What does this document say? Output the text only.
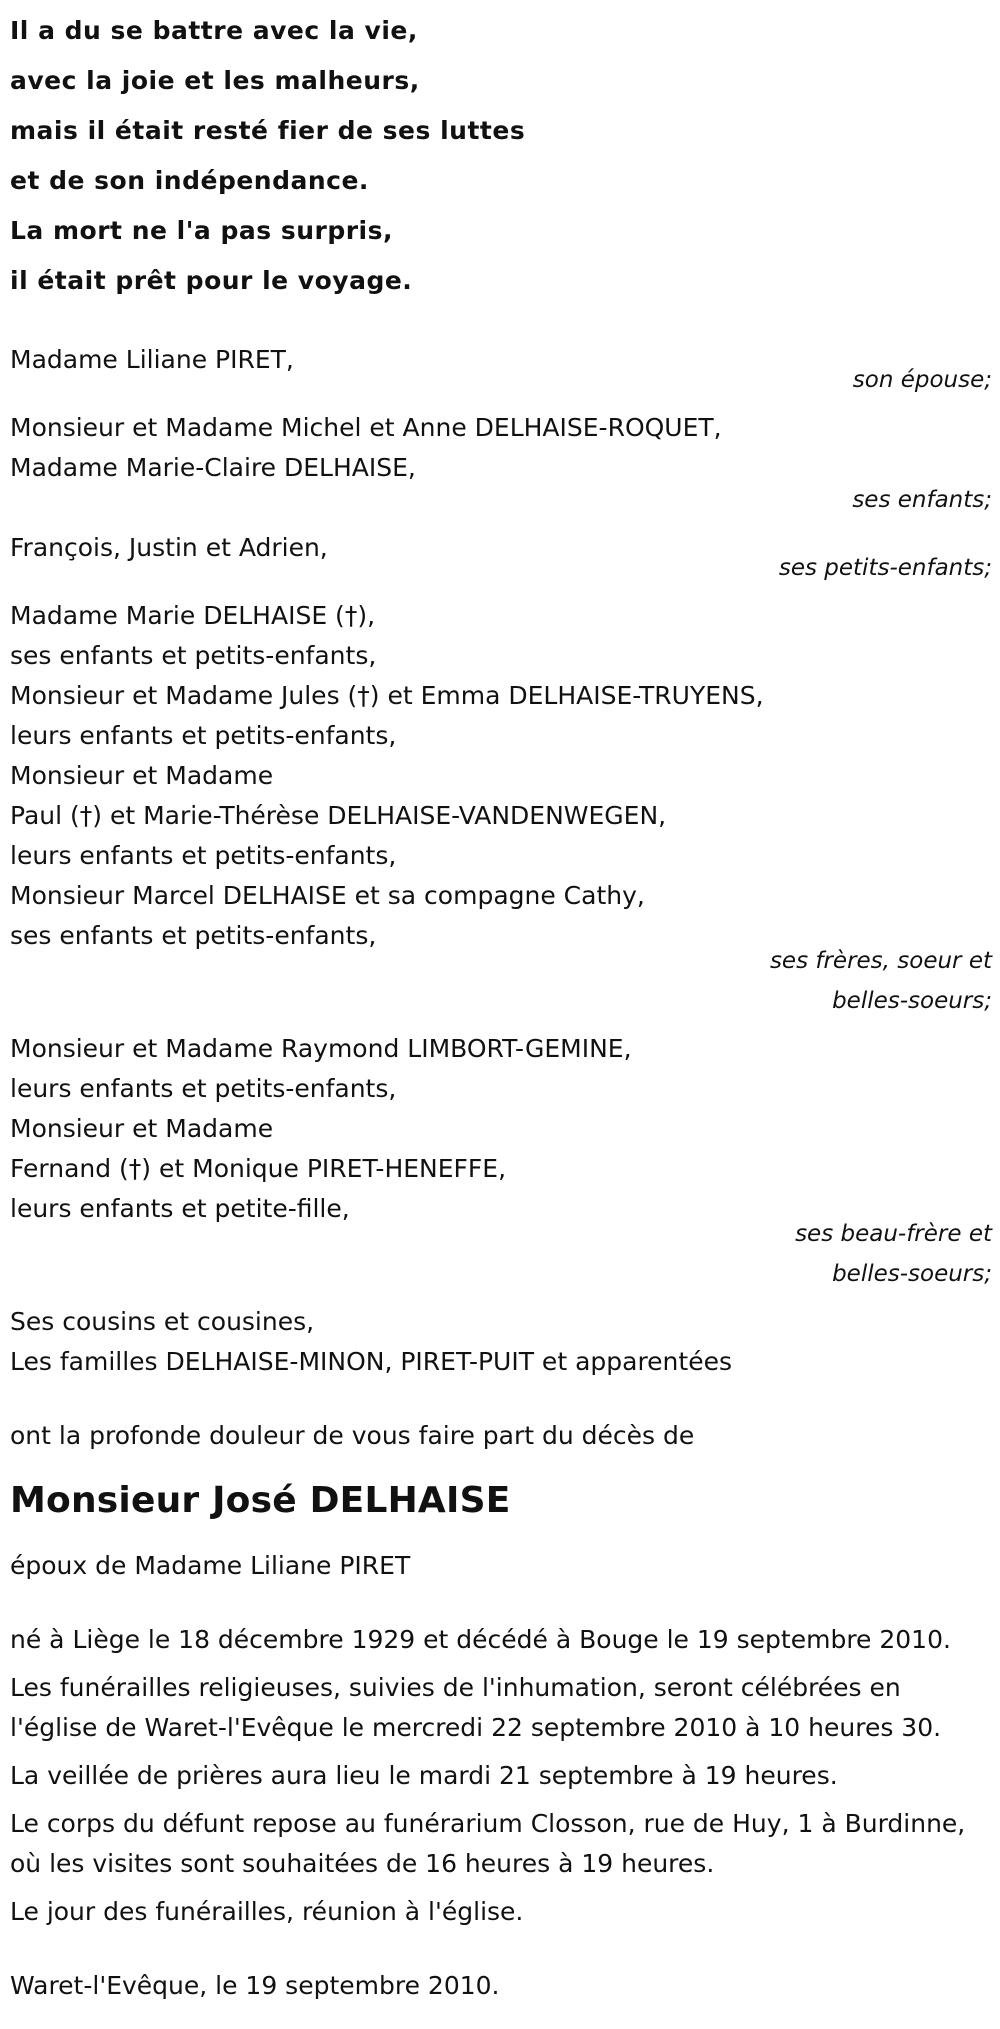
Il a du se battre avec la vie,
avec la joie et les malheurs,
mais il était resté fier de ses luttes
et de son indépendance.
La mort ne l'a pas surpris,
il était prêt pour le voyage.
Madame Liliane PIRET,
son épouse;
Monsieur et Madame Michel et Anne DELHAISE-ROQUET,
Madame Marie-Claire DELHAISE,
ses enfants;
François, Justin et Adrien,
ses petits-enfants;
Madame Marie DELHAISE (†),
ses enfants et petits-enfants,
Monsieur et Madame Jules (†) et Emma DELHAISE-TRUYENS,
leurs enfants et petits-enfants,
Monsieur et Madame
Paul (†) et Marie-Thérèse DELHAISE-VANDENWEGEN,
leurs enfants et petits-enfants,
Monsieur Marcel DELHAISE et sa compagne Cathy,
ses enfants et petits-enfants,
ses frères, soeur et
belles-soeurs;
Monsieur et Madame Raymond LIMBORT-GEMINE,
leurs enfants et petits-enfants,
Monsieur et Madame
Fernand (†) et Monique PIRET-HENEFFE,
leurs enfants et petite-fille,
ses beau-frère et
belles-soeurs;
Ses cousins et cousines,
Les familles DELHAISE-MINON, PIRET-PUIT et apparentées
ont la profonde douleur de vous faire part du décès de
Monsieur José DELHAISE
époux de Madame Liliane PIRET
né à Liège le 18 décembre 1929 et décédé à Bouge le 19 septembre 2010.
Les funérailles religieuses, suivies de l'inhumation, seront célébrées en l'église de Waret-l'Evêque le mercredi 22 septembre 2010 à 10 heures 30.
La veillée de prières aura lieu le mardi 21 septembre à 19 heures.
Le corps du défunt repose au funérarium Closson, rue de Huy, 1 à Burdinne, où les visites sont souhaitées de 16 heures à 19 heures.
Le jour des funérailles, réunion à l'église.
Waret-l'Evêque, le 19 septembre 2010.
